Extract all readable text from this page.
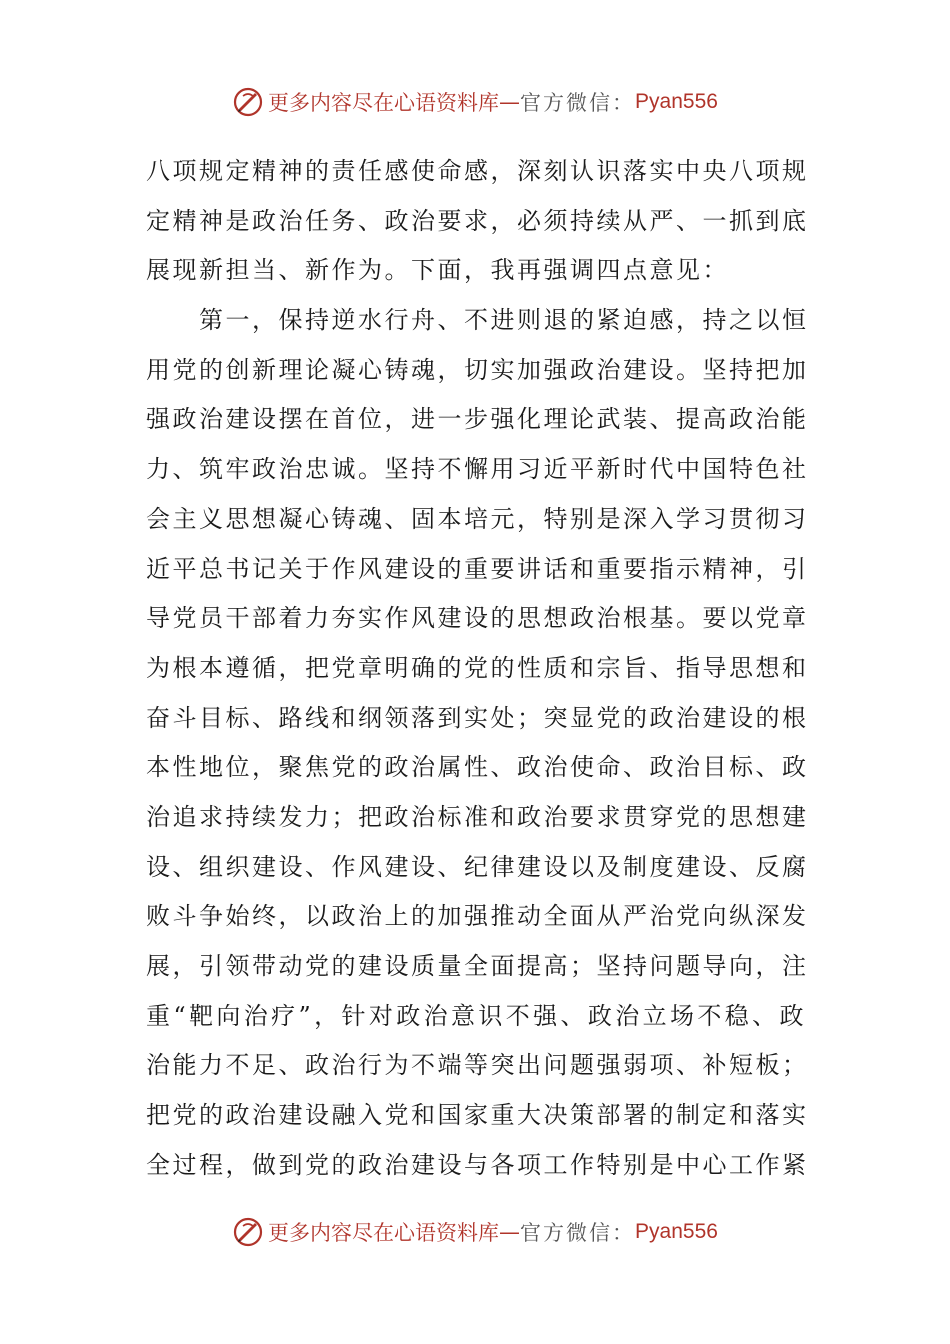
更多内容尽在心语资料库 — 官方微信： Pyan556
八项规定精神的责任感使命感，深刻认识落实中央八项规
定精神是政治任务、政治要求，必须持续从严、一抓到底
展现新担当、新作为。下面，我再强调四点意见：
　　第一，保持逆水行舟、不进则退的紧迫感，持之以恒
用党的创新理论凝心铸魂，切实加强政治建设。坚持把加
强政治建设摆在首位，进一步强化理论武装、提高政治能
力、筑牢政治忠诚。坚持不懈用习近平新时代中国特色社
会主义思想凝心铸魂、固本培元，特别是深入学习贯彻习
近平总书记关于作风建设的重要讲话和重要指示精神，引
导党员干部着力夯实作风建设的思想政治根基。要以党章
为根本遵循，把党章明确的党的性质和宗旨、指导思想和
奋斗目标、路线和纲领落到实处；突显党的政治建设的根
本性地位，聚焦党的政治属性、政治使命、政治目标、政
治追求持续发力；把政治标准和政治要求贯穿党的思想建
设、组织建设、作风建设、纪律建设以及制度建设、反腐
败斗争始终，以政治上的加强推动全面从严治党向纵深发
展，引领带动党的建设质量全面提高；坚持问题导向，注
重“靶向治疗”，针对政治意识不强、政治立场不稳、政
治能力不足、政治行为不端等突出问题强弱项、补短板；
把党的政治建设融入党和国家重大决策部署的制定和落实
全过程，做到党的政治建设与各项工作特别是中心工作紧
更多内容尽在心语资料库 — 官方微信： Pyan556
